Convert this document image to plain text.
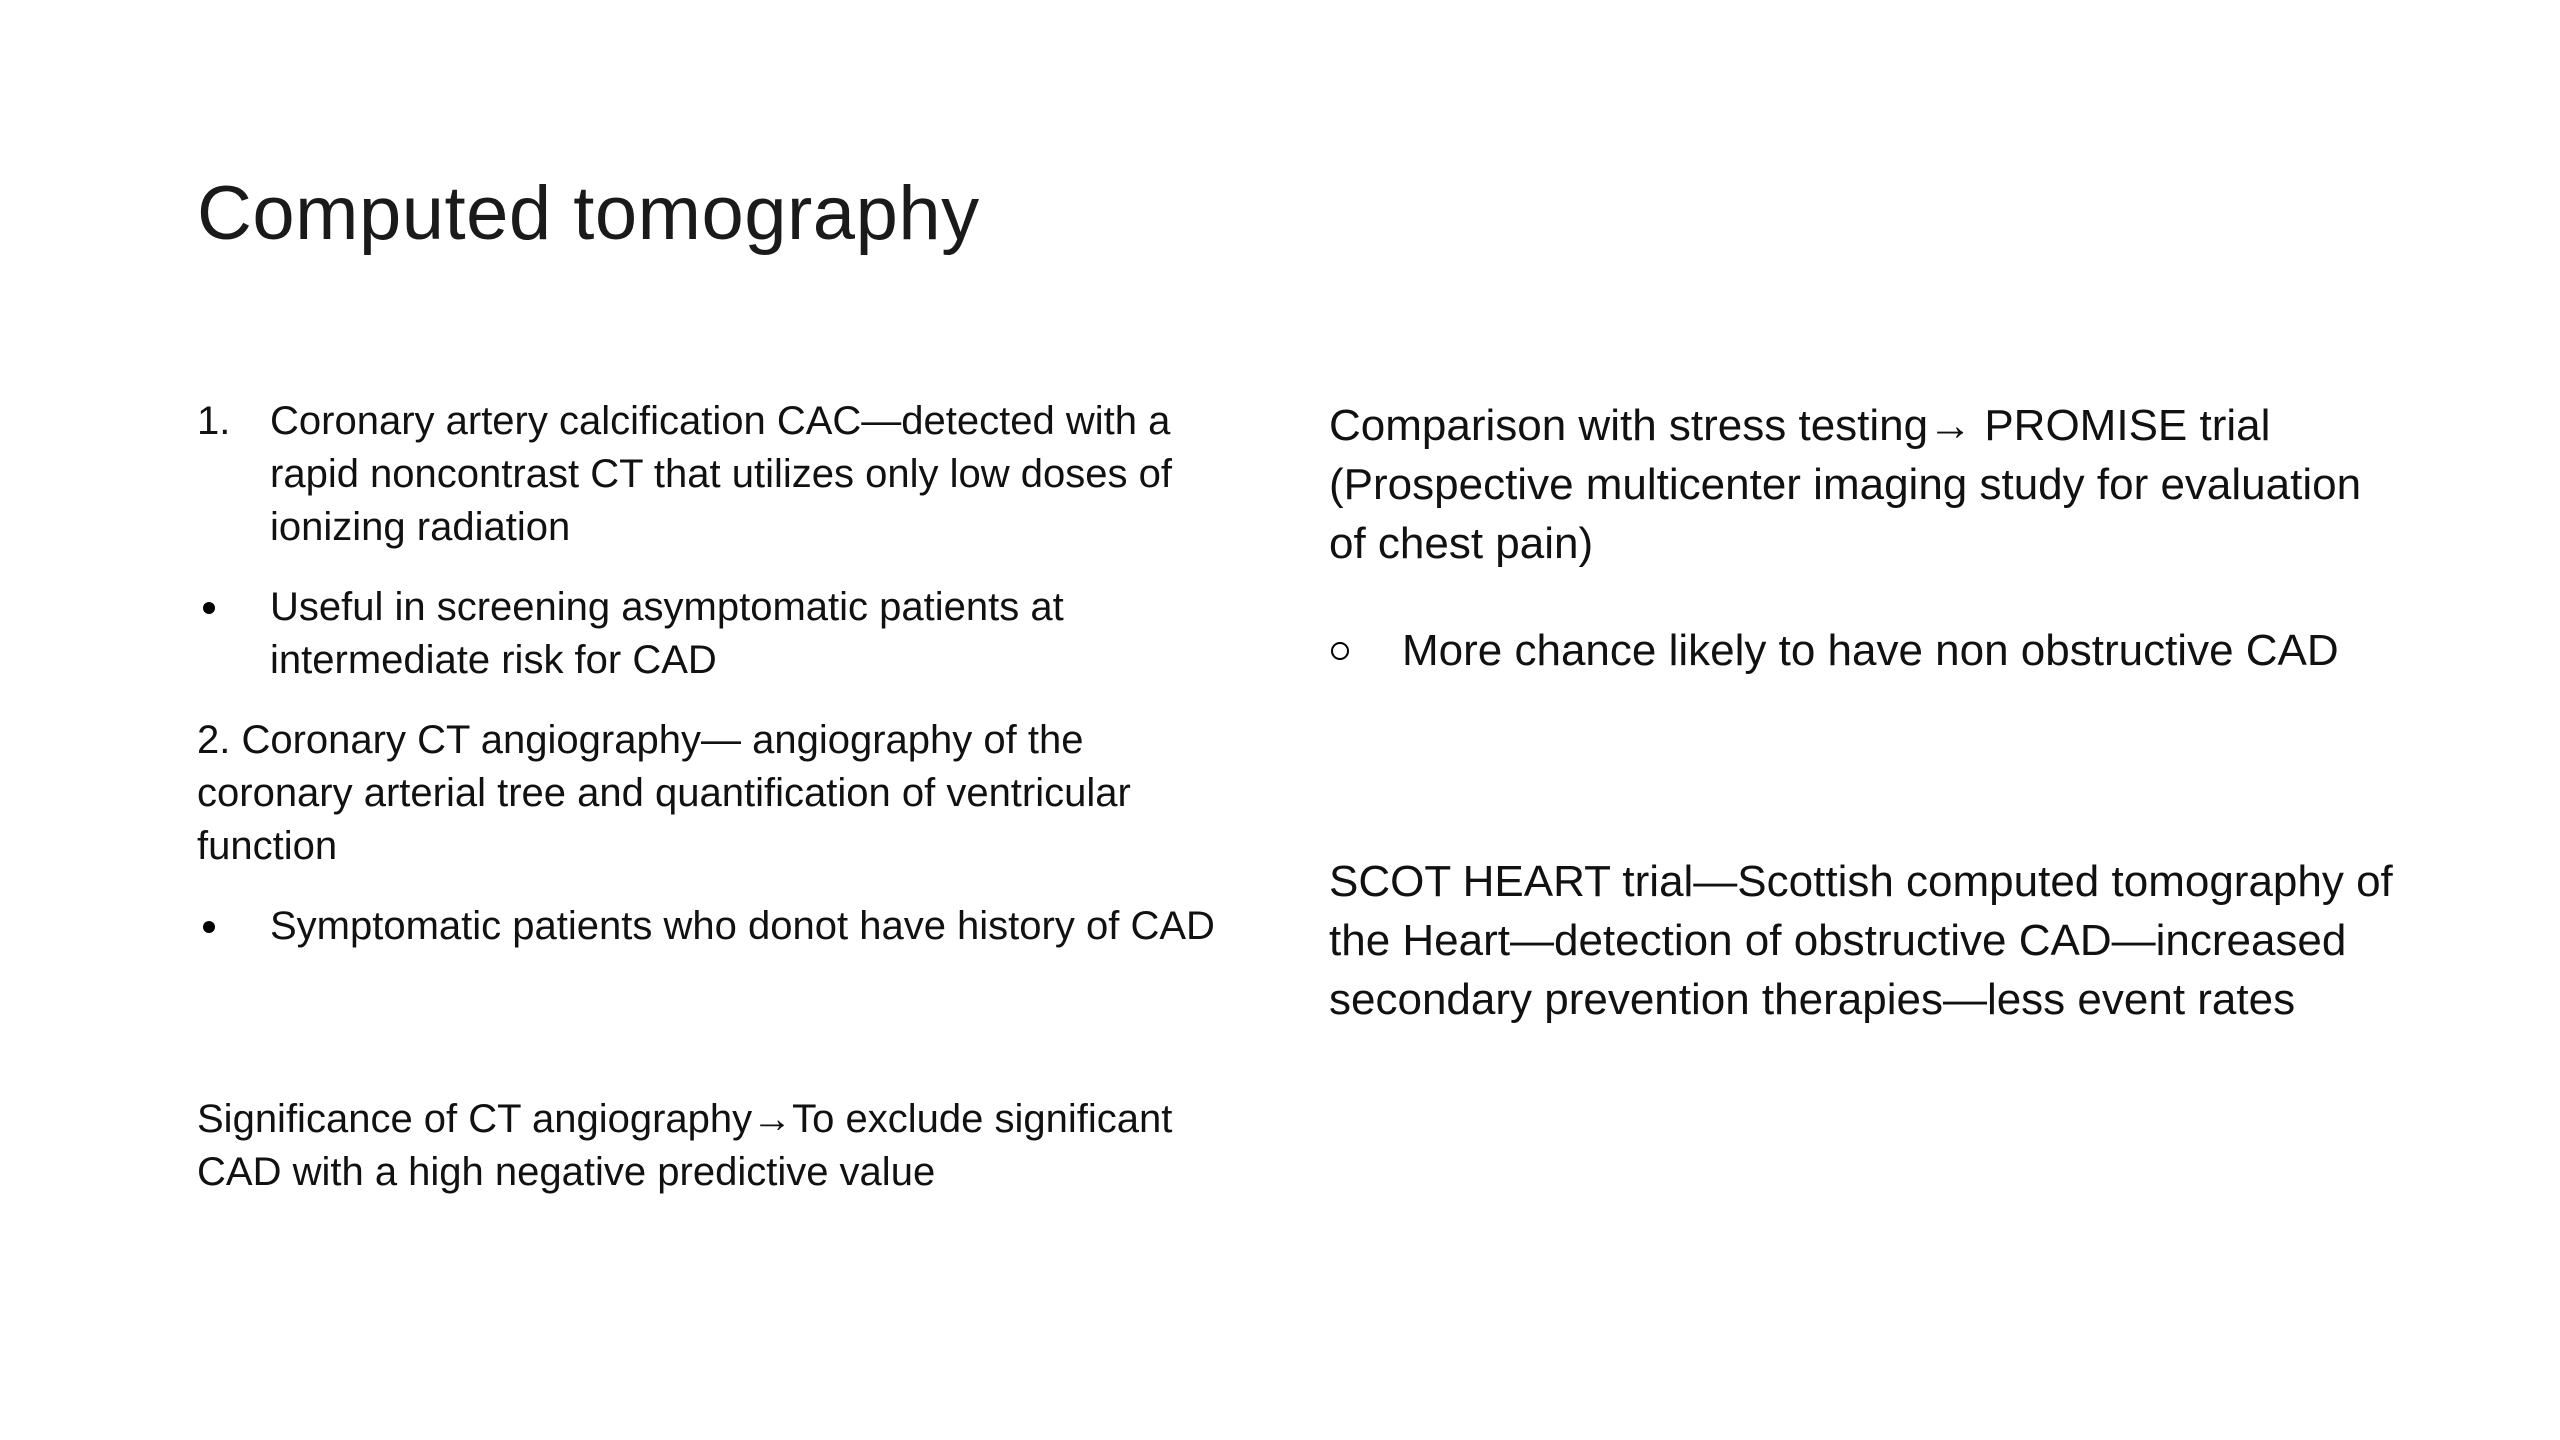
Computed tomography
1. Coronary artery calcification CAC—detected with a rapid noncontrast CT that utilizes only low doses of ionizing radiation
Useful in screening asymptomatic patients at intermediate risk for CAD
2. Coronary CT angiography— angiography of the coronary arterial tree and quantification of ventricular function
Symptomatic patients who donot have history of CAD
Significance of CT angiography→To exclude significant CAD with a high negative predictive value
Comparison with stress testing→ PROMISE trial (Prospective multicenter imaging study for evaluation of chest pain)
More chance likely to have non obstructive CAD
SCOT HEART trial—Scottish computed tomography of the Heart—detection of obstructive CAD—increased secondary prevention therapies—less event rates
